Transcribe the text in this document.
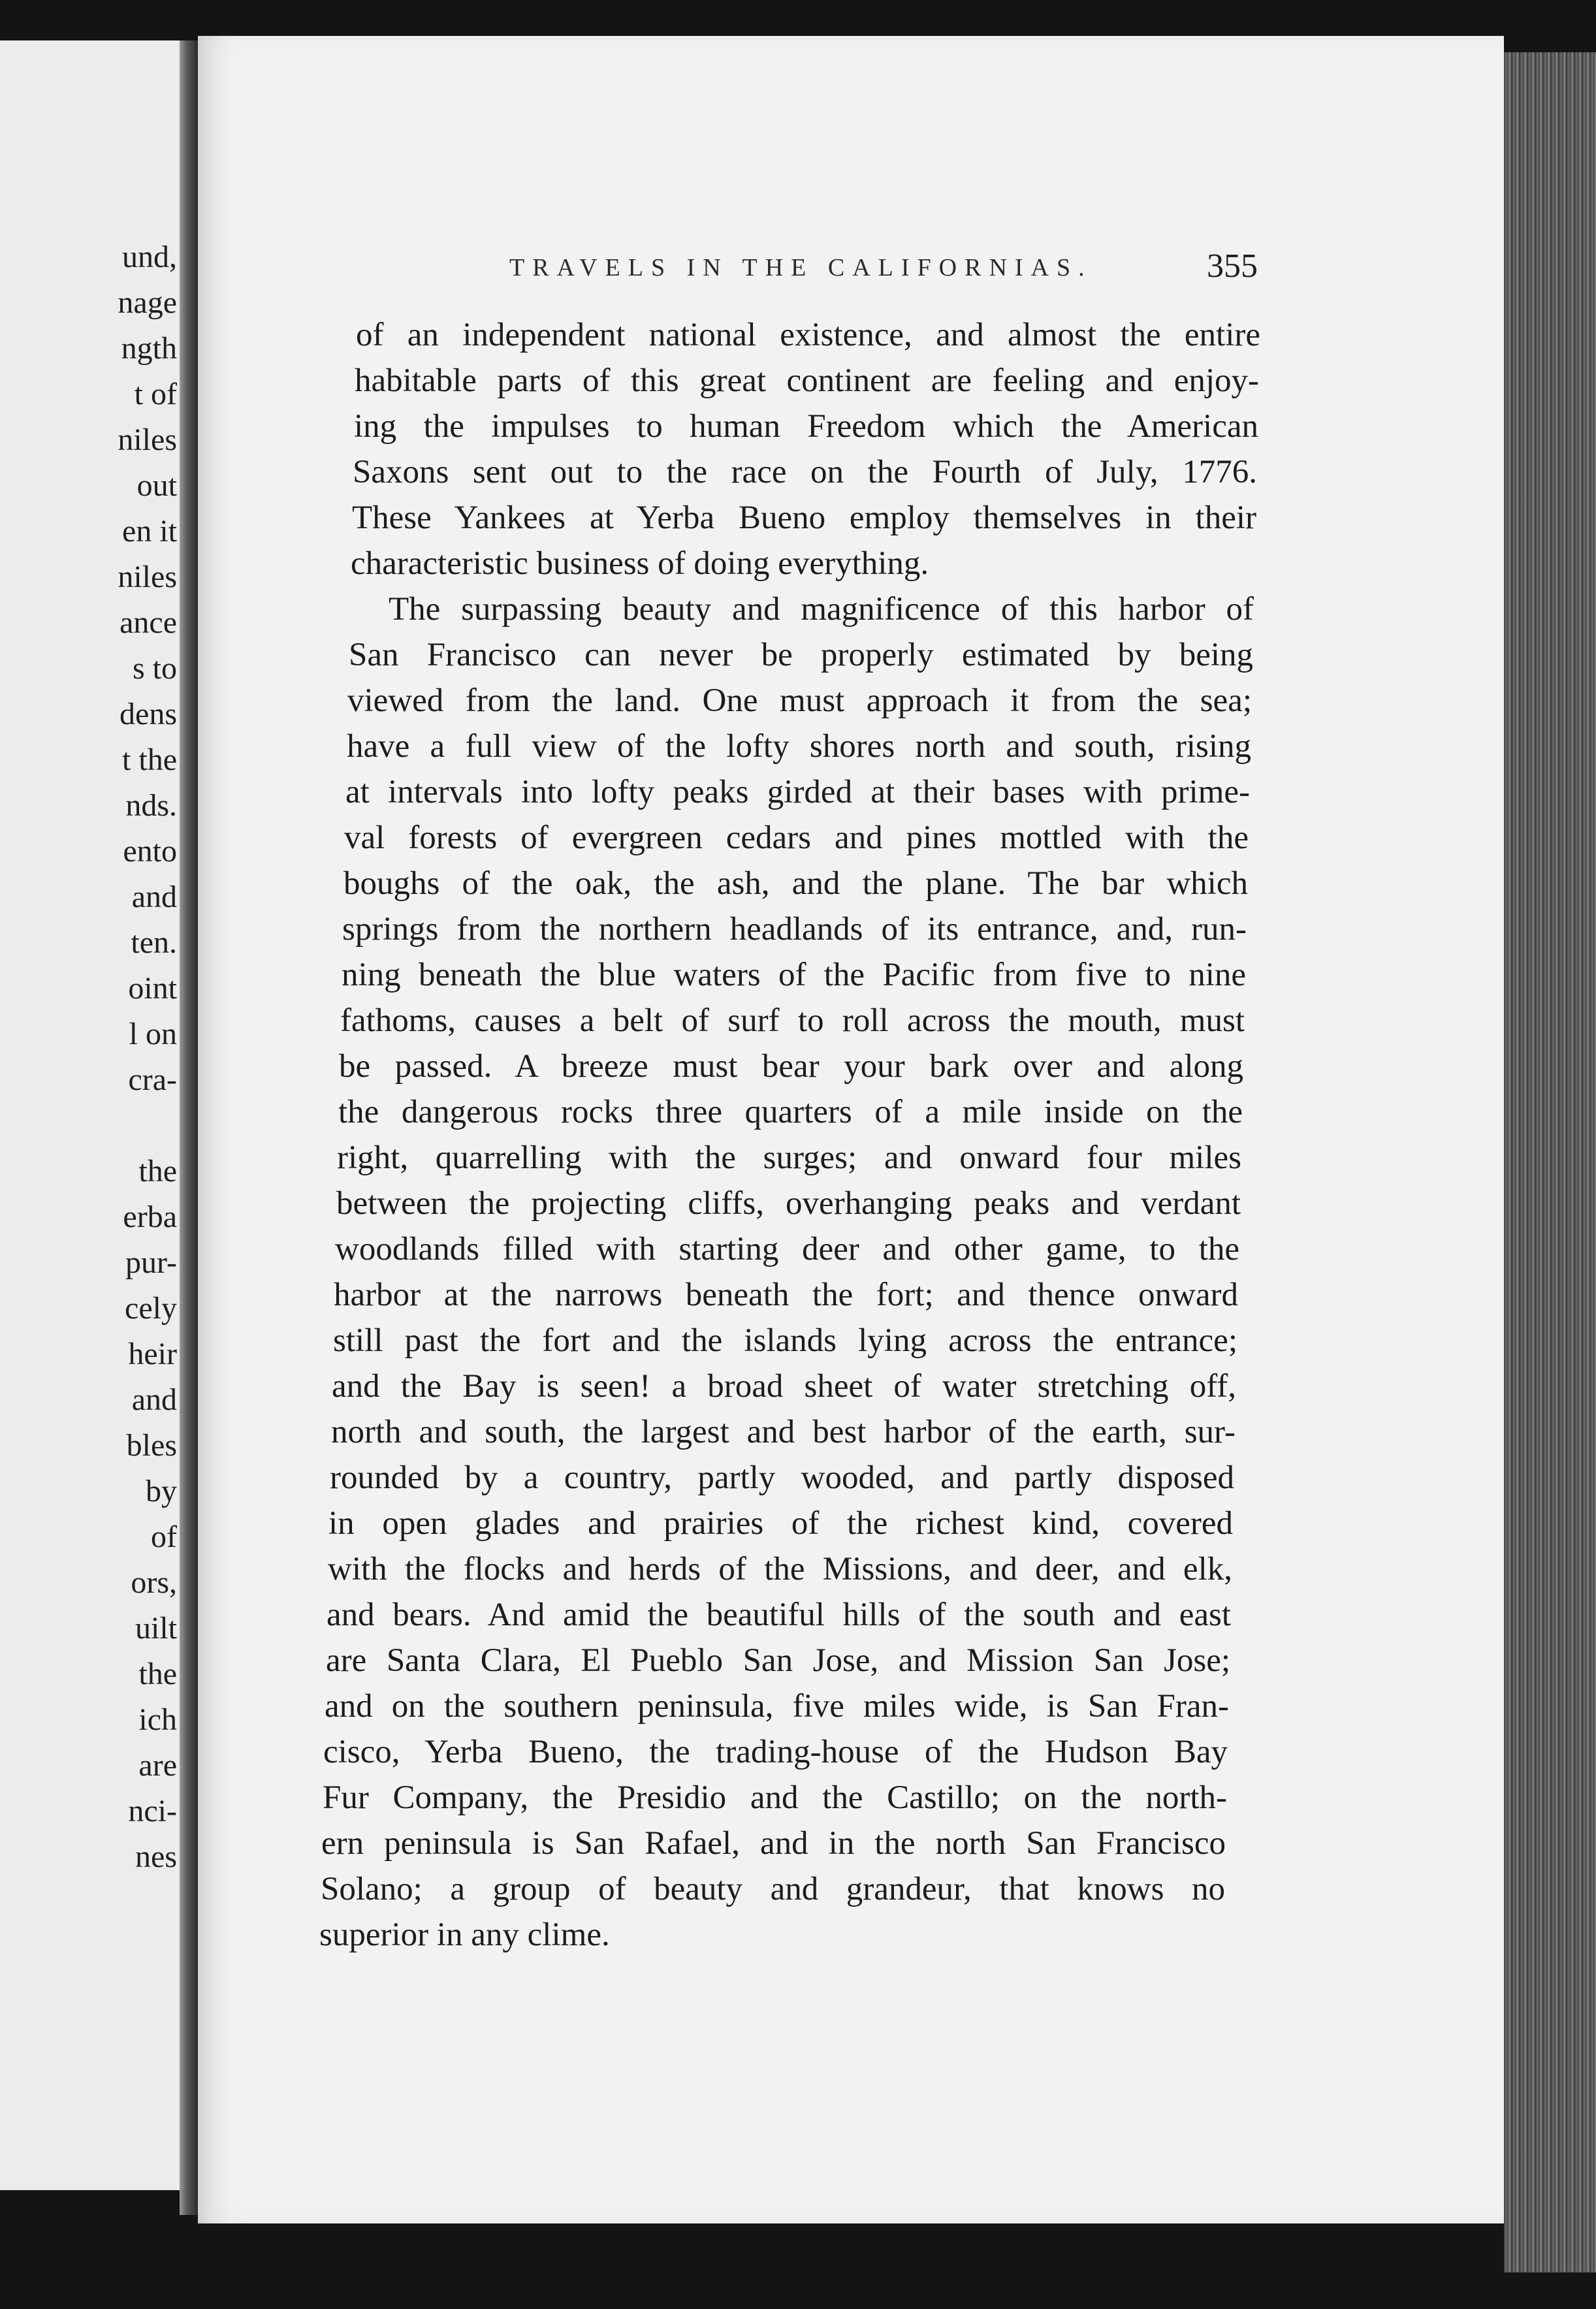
und,
nage
ngth
t of
niles
out
en it
niles
ance
s to
dens
t the
nds.
ento
and
ten.
oint
l on
cra-
the
erba
pur-
cely
heir
and
bles
by
of
ors,
uilt
the
ich
are
nci-
nes
TRAVELS IN THE CALIFORNIAS.	355
of an independent national existence, and almost the entire
habitable parts of this great continent are feeling and enjoy-
ing the impulses to human Freedom which the American
Saxons sent out to the race on the Fourth of July, 1776.
These Yankees at Yerba Bueno employ themselves in their
characteristic business of doing everything.
The surpassing beauty and magnificence of this harbor of
San Francisco can never be properly estimated by being
viewed from the land. One must approach it from the sea;
have a full view of the lofty shores north and south, rising
at intervals into lofty peaks girded at their bases with prime-
val forests of evergreen cedars and pines mottled with the
boughs of the oak, the ash, and the plane. The bar which
springs from the northern headlands of its entrance, and, run-
ning beneath the blue waters of the Pacific from five to nine
fathoms, causes a belt of surf to roll across the mouth, must
be passed. A breeze must bear your bark over and along
the dangerous rocks three quarters of a mile inside on the
right, quarrelling with the surges; and onward four miles
between the projecting cliffs, overhanging peaks and verdant
woodlands filled with starting deer and other game, to the
harbor at the narrows beneath the fort; and thence onward
still past the fort and the islands lying across the entrance;
and the Bay is seen! a broad sheet of water stretching off,
north and south, the largest and best harbor of the earth, sur-
rounded by a country, partly wooded, and partly disposed
in open glades and prairies of the richest kind, covered
with the flocks and herds of the Missions, and deer, and elk,
and bears. And amid the beautiful hills of the south and east
are Santa Clara, El Pueblo San Jose, and Mission San Jose;
and on the southern peninsula, five miles wide, is San Fran-
cisco, Yerba Bueno, the trading-house of the Hudson Bay
Fur Company, the Presidio and the Castillo; on the north-
ern peninsula is San Rafael, and in the north San Francisco
Solano; a group of beauty and grandeur, that knows no
superior in any clime.
